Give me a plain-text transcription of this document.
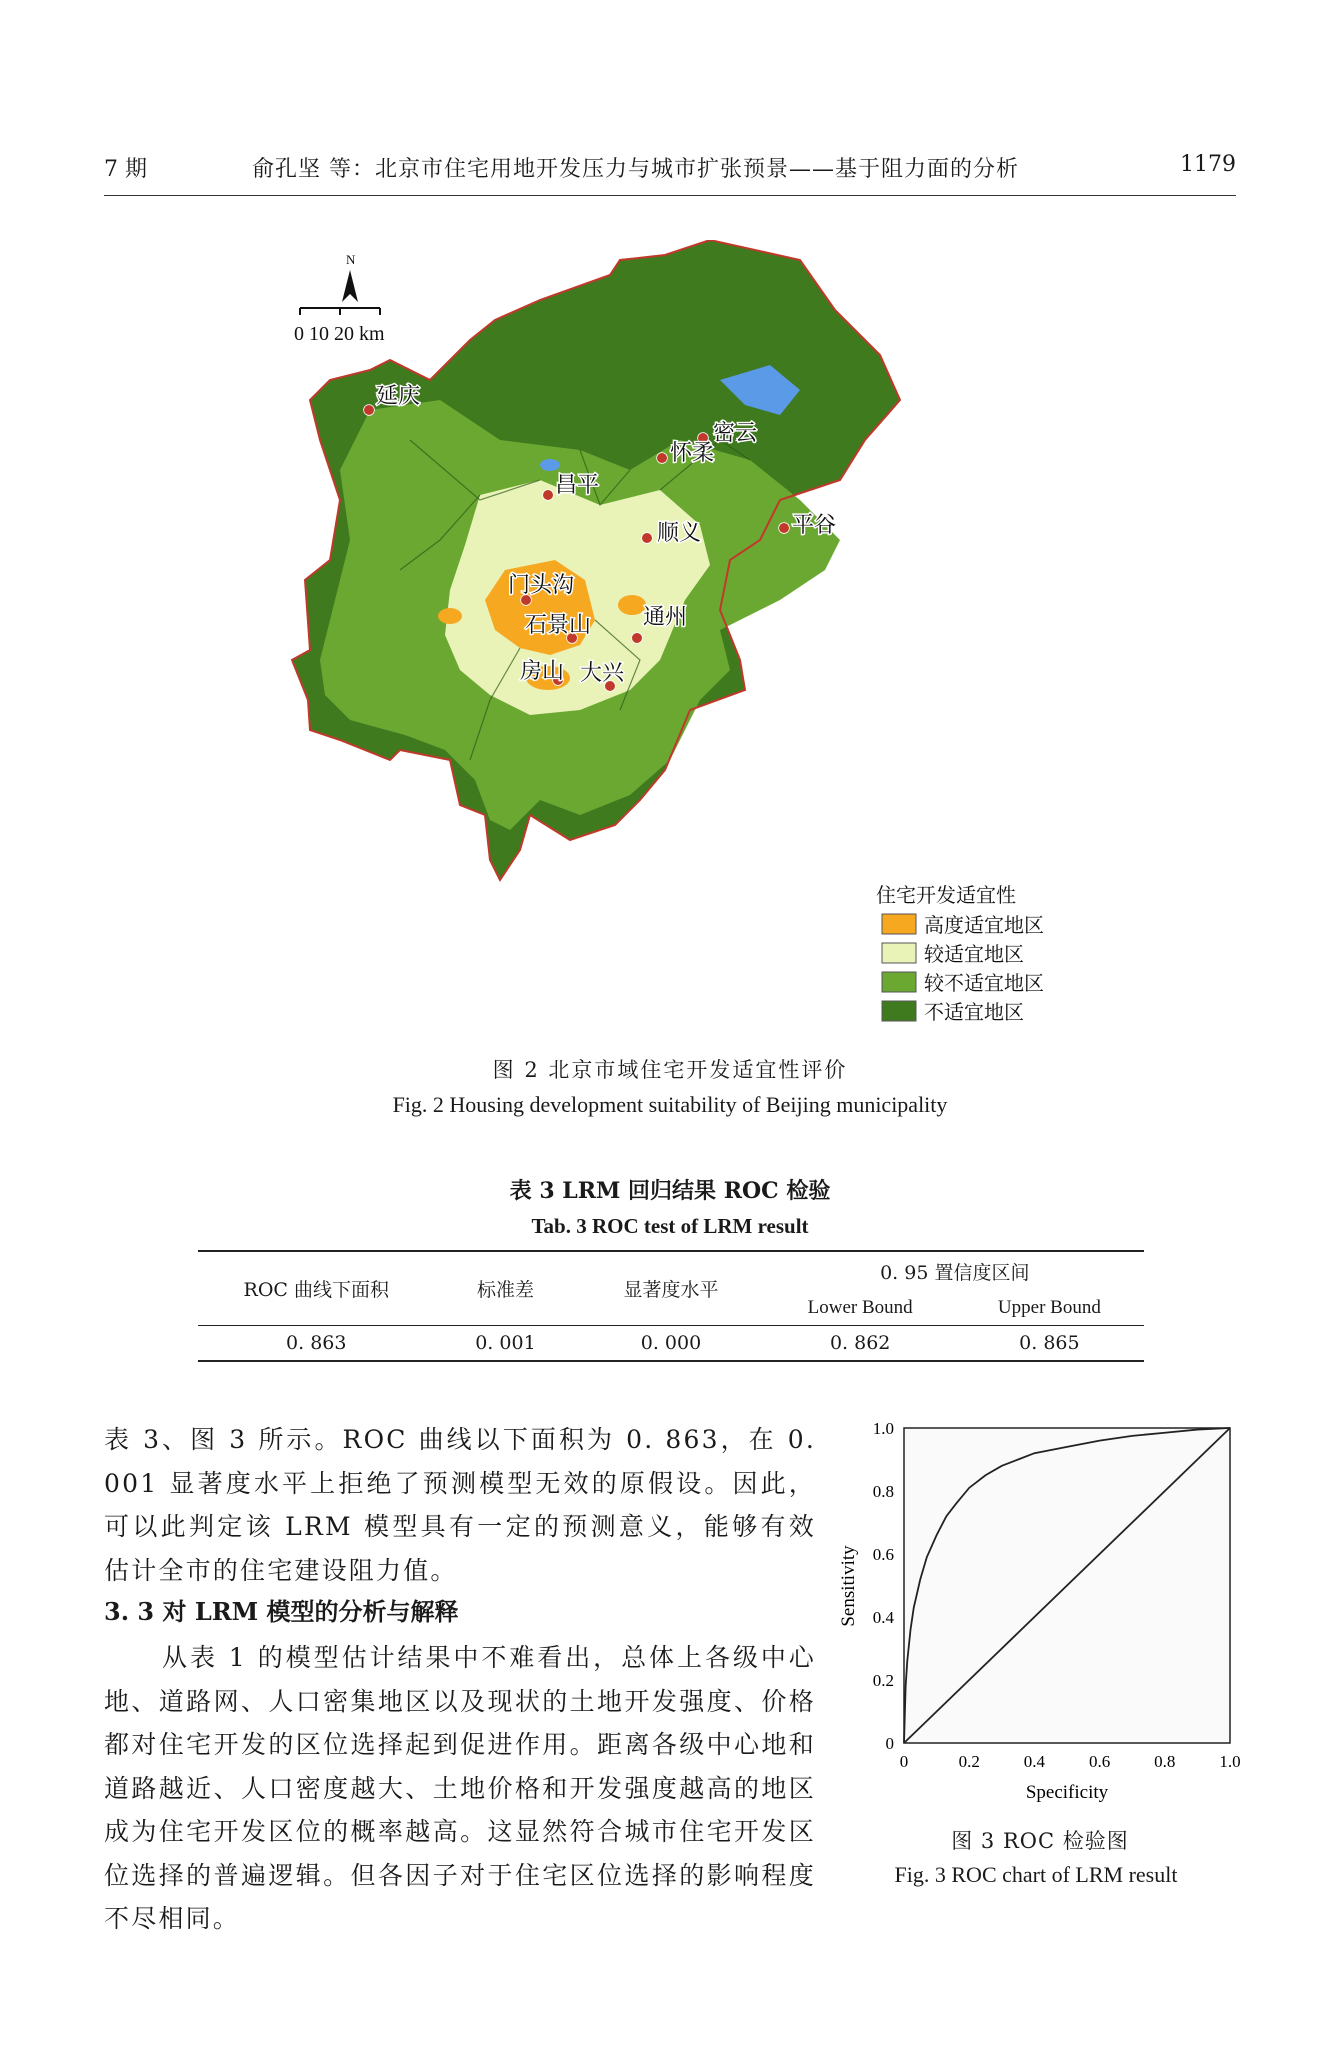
7 期	俞孔坚 等：北京市住宅用地开发压力与城市扩张预景——基于阻力面的分析	1179
N
0 10 20 km
延庆
密云
怀柔
昌平
顺义	平谷
门头沟
石景山 通州
房山 大兴
住宅开发适宜性
高度适宜地区
较适宜地区
较不适宜地区
不适宜地区
图 2 北京市域住宅开发适宜性评价
Fig. 2 Housing development suitability of Beijing municipality
表 3 LRM 回归结果 ROC 检验
Tab. 3 ROC test of LRM result
ROC 曲线下面积	标准差	显著度水平	0. 95 置信度区间	
			Lower Bound	Upper Bound
0. 863	0. 001	0. 000	0. 862	0. 865
表 3、图 3 所示。ROC 曲线以下面积为 0. 863，在 0. 001 显著度水平上拒绝了预测模型无效的原假设。因此，可以此判定该 LRM 模型具有一定的预测意义，能够有效估计全市的住宅建设阻力值。
3. 3 对 LRM 模型的分析与解释
从表 1 的模型估计结果中不难看出，总体上各级中心地、道路网、人口密集地区以及现状的土地开发强度、价格都对住宅开发的区位选择起到促进作用。距离各级中心地和道路越近、人口密度越大、土地价格和开发强度越高的地区成为住宅开发区位的概率越高。这显然符合城市住宅开发区位选择的普遍逻辑。但各因子对于住宅区位选择的影响程度不尽相同。
0	0.2	0.4	0.6	0.8	1.0
0
0.2
0.4
0.6
0.8
1.0
Specificity
Sensitivity
图 3 ROC 检验图
Fig. 3 ROC chart of LRM result
